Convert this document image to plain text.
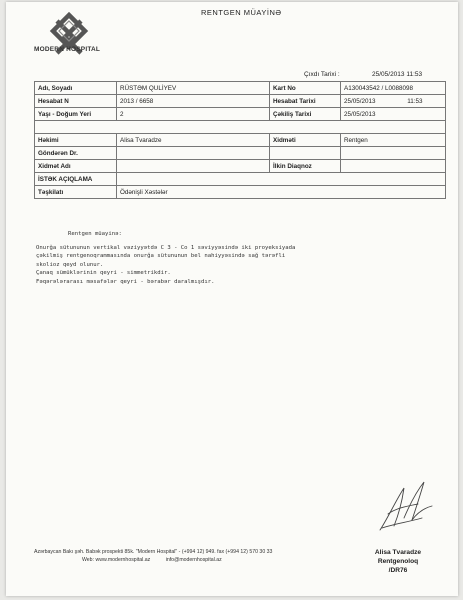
MODERN HOSPITAL
RENTGEN MÜAYİNƏ
Çıxdı Tarixi :	25/05/2013 11:53
Adı, Soyadı	RÜSTƏM QULİYEV	Kart No	A130043542 / L0088098
Hesabat N	2013 / 6658	Hesabat Tarixi	25/05/2013 11:53
Yaşı - Doğum Yeri	2	Çəkiliş Tarixi	25/05/2013

Həkimi	Alisa Tvaradze	Xidməti	Rentgen
Göndərən Dr.			
Xidmət Adı		İlkin Diaqnoz	
İSTƏK AÇIQLAMA			
Təşkilatı	Ödənişli Xəstələr		
Rentgen müayinə:
Onurğa sütununun vertikal vəziyyətdə C 3 - Co 1 səviyyəsində iki proyeksiyada
çəkilmiş rentgenoqrammasında onurğa sütununun bel nahiyyəsində sağ tərəfli
skolioz qeyd olunur.
Çanaq sümüklərinin qeyri - simmetrikdir.
Fəqərələrarası məsafələr qeyri - bərabər daralmışdır.
Azərbaycan Bakı şəh. Babək prospekti 85k. "Modern Hospital" - (+994 12) 949. fax (+994 12) 570 30 33
Web: www.modernhospital.az	info@modernhospital.az
Alisa Tvaradze
Rentgenoloq
/DR76
